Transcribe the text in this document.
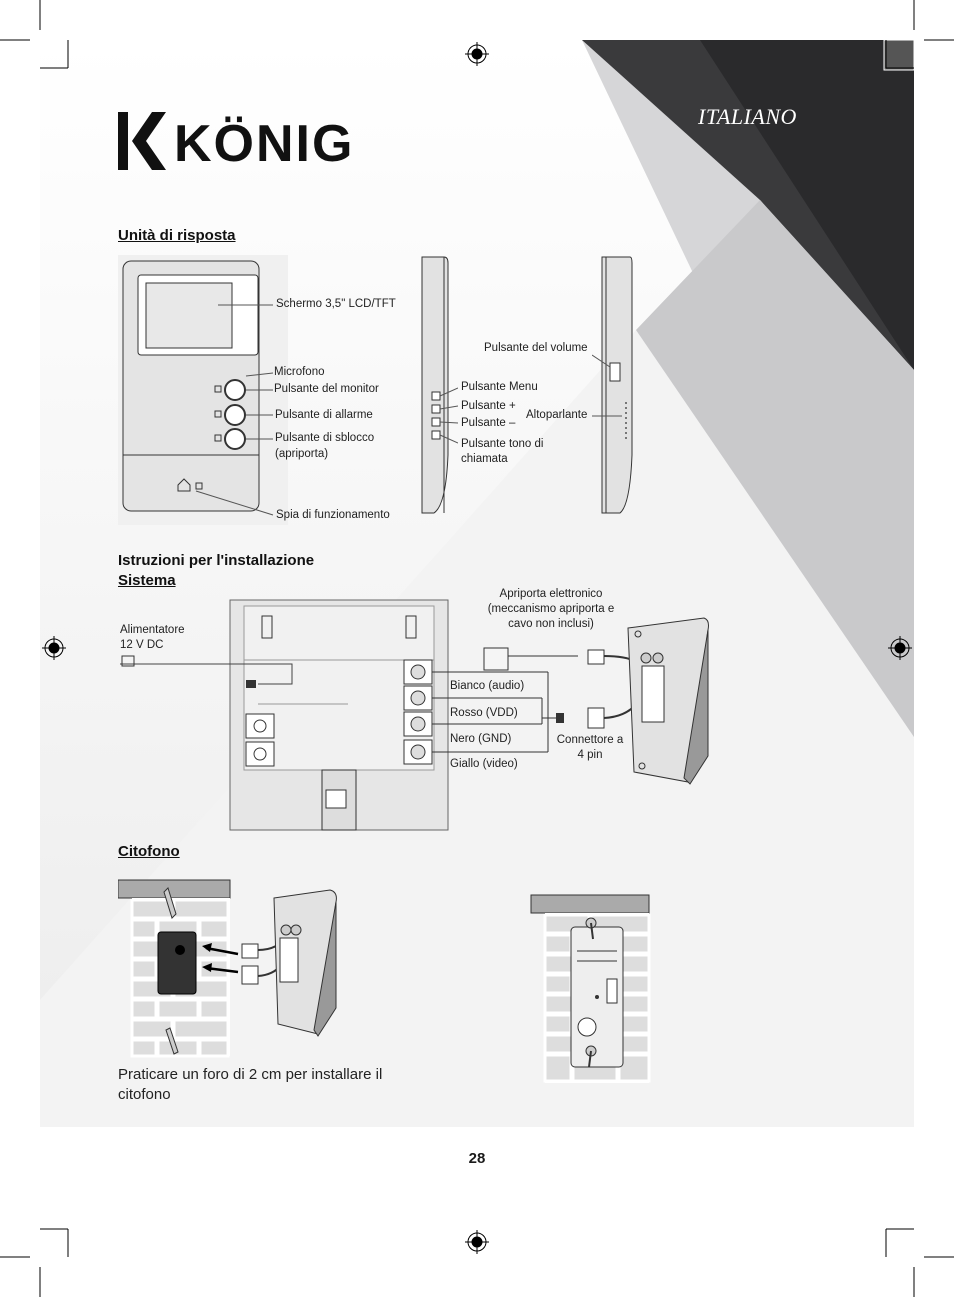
KÖNIG	ITALIANO
Unità di risposta
Schermo 3,5" LCD/TFT
Microfono
Pulsante del monitor
Pulsante di allarme
Pulsante di sblocco
(apriporta)
Spia di funzionamento
Pulsante Menu
Pulsante +
Pulsante –
Pulsante tono di
chiamata
Pulsante del volume
Altoparlante
Istruzioni per l'installazione
Sistema
Alimentatore
12 V DC
Apriporta elettronico
(meccanismo apriporta e
cavo non inclusi)
Bianco (audio)
Rosso (VDD)
Nero (GND)
Giallo (video)
Connettore a
4 pin
Citofono
Praticare un foro di 2 cm per installare il citofono
28
